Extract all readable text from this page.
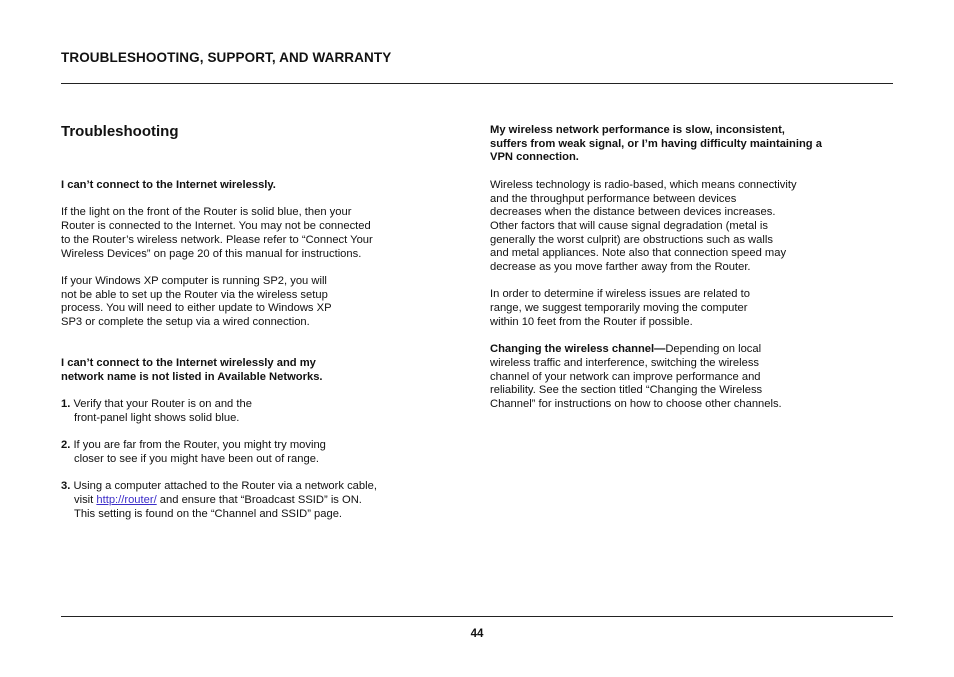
TROUBLESHOOTING, SUPPORT, AND WARRANTY
Troubleshooting

I can’t connect to the Internet wirelessly.

If the light on the front of the Router is solid blue, then your
Router is connected to the Internet. You may not be connected
to the Router’s wireless network. Please refer to “Connect Your
Wireless Devices” on page 20 of this manual for instructions.

If your Windows XP computer is running SP2, you will
not be able to set up the Router via the wireless setup
process. You will need to either update to Windows XP
SP3 or complete the setup via a wired connection.

I can’t connect to the Internet wirelessly and my
network name is not listed in Available Networks.

1. Verify that your Router is on and the
front-panel light shows solid blue.
2. If you are far from the Router, you might try moving
closer to see if you might have been out of range.
3. Using a computer attached to the Router via a network cable,
visit http://router/ and ensure that “Broadcast SSID” is ON.
This setting is found on the “Channel and SSID” page.

My wireless network performance is slow, inconsistent,
suffers from weak signal, or I’m having difficulty maintaining a
VPN connection.

Wireless technology is radio-based, which means connectivity
and the throughput performance between devices
decreases when the distance between devices increases.
Other factors that will cause signal degradation (metal is
generally the worst culprit) are obstructions such as walls
and metal appliances. Note also that connection speed may
decrease as you move farther away from the Router.

In order to determine if wireless issues are related to
range, we suggest temporarily moving the computer
within 10 feet from the Router if possible.

Changing the wireless channel—Depending on local
wireless traffic and interference, switching the wireless
channel of your network can improve performance and
reliability. See the section titled “Changing the Wireless
Channel” for instructions on how to choose other channels.

44
